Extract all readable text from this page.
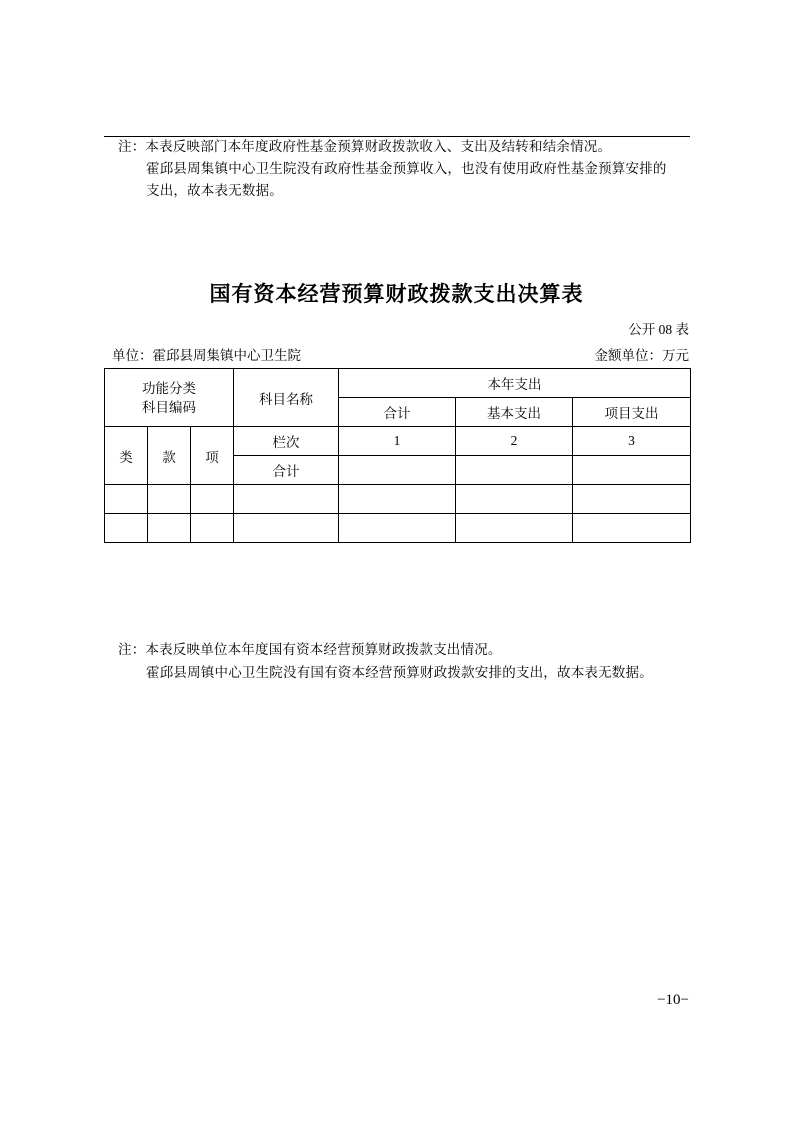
注：本表反映部门本年度政府性基金预算财政拨款收入、支出及结转和结余情况。
霍邱县周集镇中心卫生院没有政府性基金预算收入，也没有使用政府性基金预算安排的
支出，故本表无数据。
国有资本经营预算财政拨款支出决算表
公开 08 表
单位：霍邱县周集镇中心卫生院	金额单位：万元
功能分类
科目编码			科目名称	本年支出		
				合计	基本支出	项目支出
类	款	项	栏次	1	2	3
			合计			

注：本表反映单位本年度国有资本经营预算财政拨款支出情况。
霍邱县周镇中心卫生院没有国有资本经营预算财政拨款安排的支出，故本表无数据。
−10−
